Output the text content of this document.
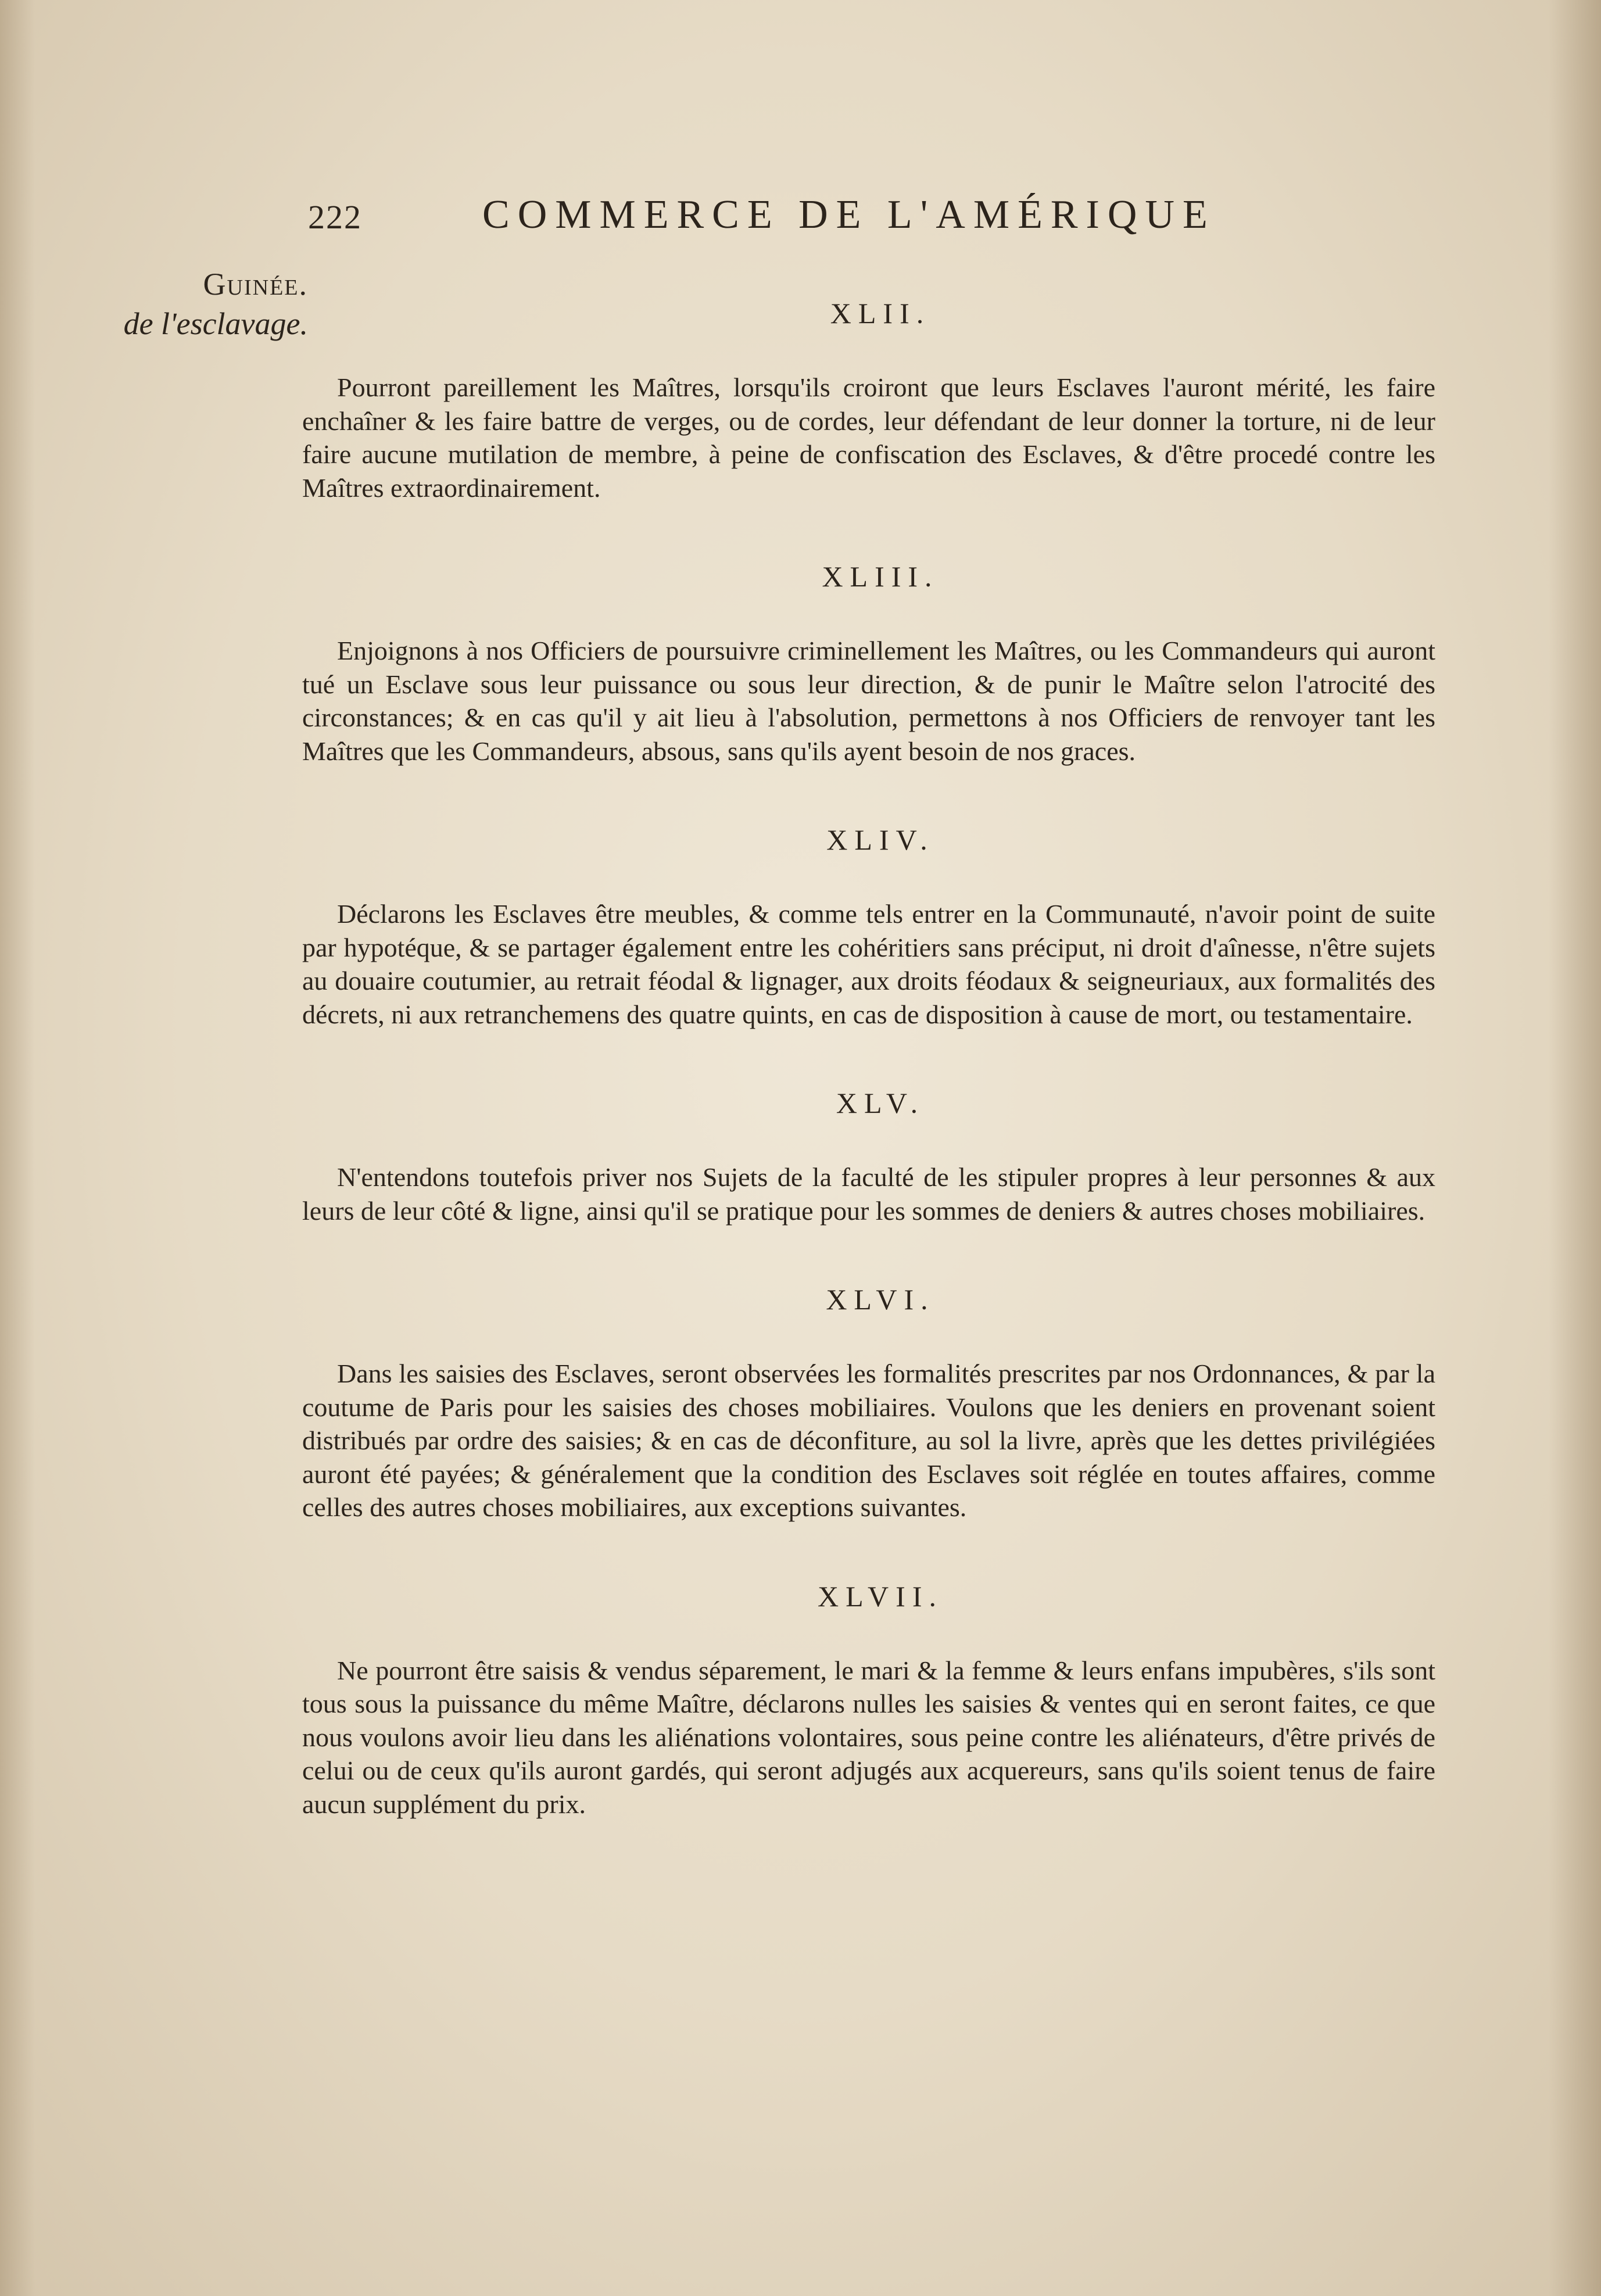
222	COMMERCE DE L'AMÉRIQUE
Guinée.
de l'esclavage.	XLII.

Pourront pareillement les Maîtres, lorsqu'ils croiront que leurs Esclaves l'auront mérité, les faire enchaîner & les faire battre de verges, ou de cordes, leur défendant de leur donner la torture, ni de leur faire aucune mutilation de membre, à peine de confiscation des Esclaves, & d'être procedé contre les Maîtres extraordinairement.

XLIII.

Enjoignons à nos Officiers de poursuivre criminellement les Maîtres, ou les Commandeurs qui auront tué un Esclave sous leur puissance ou sous leur direction, & de punir le Maître selon l'atrocité des circonstances; & en cas qu'il y ait lieu à l'absolution, permettons à nos Officiers de renvoyer tant les Maîtres que les Commandeurs, absous, sans qu'ils ayent besoin de nos graces.

XLIV.

Déclarons les Esclaves être meubles, & comme tels entrer en la Communauté, n'avoir point de suite par hypotéque, & se partager également entre les cohéritiers sans préciput, ni droit d'aînesse, n'être sujets au douaire coutumier, au retrait féodal & lignager, aux droits féodaux & seigneuriaux, aux formalités des décrets, ni aux retranchemens des quatre quints, en cas de disposition à cause de mort, ou testamentaire.

XLV.

N'entendons toutefois priver nos Sujets de la faculté de les stipuler propres à leur personnes & aux leurs de leur côté & ligne, ainsi qu'il se pratique pour les sommes de deniers & autres choses mobiliaires.

XLVI.

Dans les saisies des Esclaves, seront observées les formalités prescrites par nos Ordonnances, & par la coutume de Paris pour les saisies des choses mobiliaires. Voulons que les deniers en provenant soient distribués par ordre des saisies; & en cas de déconfiture, au sol la livre, après que les dettes privilégiées auront été payées; & généralement que la condition des Esclaves soit réglée en toutes affaires, comme celles des autres choses mobiliaires, aux exceptions suivantes.

XLVII.

Ne pourront être saisis & vendus séparement, le mari & la femme & leurs enfans impubères, s'ils sont tous sous la puissance du même Maître, déclarons nulles les saisies & ventes qui en seront faites, ce que nous voulons avoir lieu dans les aliénations volontaires, sous peine contre les aliénateurs, d'être privés de celui ou de ceux qu'ils auront gardés, qui seront adjugés aux acquereurs, sans qu'ils soient tenus de faire aucun supplément du prix.
